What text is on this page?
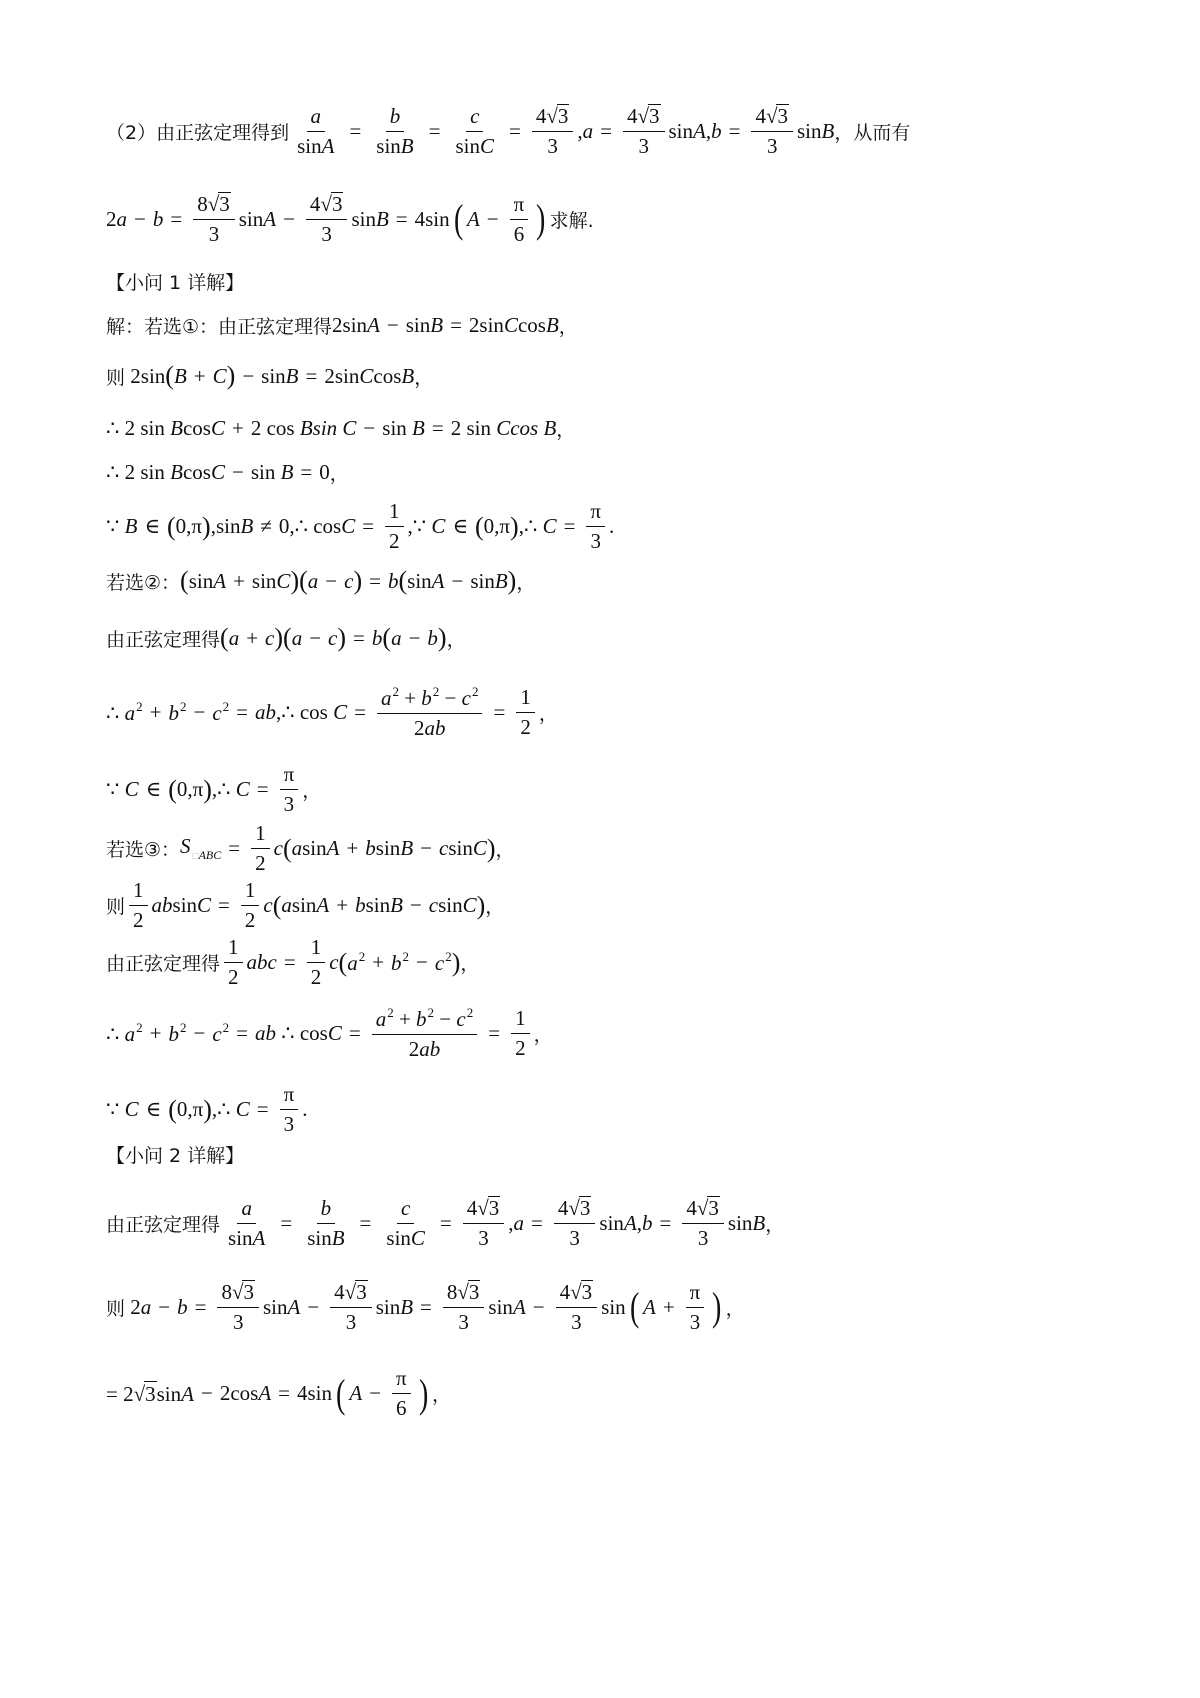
（2）由正弦定理得到 $\frac{a}{\sin A} = \frac{b}{\sin B} = \frac{c}{\sin C} = \frac{4√ 3}{3} ,a = \frac{4√ 3}{3} \sin A,b = \frac{4√ 3}{3}$ sinB ，从而有
$2a - b = \frac{8√ 3}{3}$ $\sin A - \frac{4√ 3}{3}$ sinB = 4sin ( $A - \frac{\pi}{6}$ ) 求解.
【小问 1 详解】
解：若选①：由正弦定理得 2sinA − sinB = 2sinCcosB ，
则 2sin ( B + C ) − sinB = 2sinCcosB ，
∴ 2 sin BcosC + 2 cos Bsin C − sin B = 2 sin Ccos B ，
∴ 2 sin BcosC − sin B = 0 ，
∵ B ∈ ( 0,π ) ,sinB ≠ 0,∴ $\cos C = \frac{1}{2}$ ,∵ C ∈ ( 0,π ) ,∴ $C = \frac{\pi}{3}$ .
若选②： ( sinA + sinC ) ( a − c ) = b ( sinA − sinB ) ，
由正弦定理得 ( a + c ) ( a − c ) = b ( a − b ) ，
∴ $a^2 + b^2 - c^2$ = ab,∴ $\cos C = \frac{a^2 + b^2 - c^2}{2ab} = \frac{1}{2}$ ，
∵ C ∈ ( 0,π ) ,∴ $C = \frac{\pi}{3}$ ，
若选③： S $_{□ABC} = \frac{1}{2}$ c ( asinA + bsinB − csinC ) ，
则 $\frac{1}{2}$ $absinC = \frac{1}{2}$ c ( asinA + bsinB − csinC ) ，
由正弦定理得 $\frac{1}{2}$ abc = $\frac{1}{2}$ c ( $a^2 + b^2 - c^2$ ) ，
∴ $a^2 + b^2 - c^2$ = ab ∴ $\cos C = \frac{a^2 + b^2 - c^2}{2ab} = \frac{1}{2}$ ，
∵ C ∈ ( 0,π ) ,∴ $C = \frac{\pi}{3}$ .
【小问 2 详解】
由正弦定理得 $\frac{a}{\sin A} = \frac{b}{\sin B} = \frac{c}{\sin C} = \frac{4√ 3}{3} ,a = \frac{4√ 3}{3} \sin A,b = \frac{4√ 3}{3}$ sinB ，
则 $2a - b = \frac{8√ 3}{3}$ $\sin A - \frac{4√ 3}{3}$ $\sin B = \frac{8√ 3}{3}$ $\sin A - \frac{4√ 3}{3}$ sin ( $A + \frac{\pi}{3}$ ) ，
= 2√ 3 sinA − 2cosA = 4sin ( $A - \frac{\pi}{6}$ ) ，
